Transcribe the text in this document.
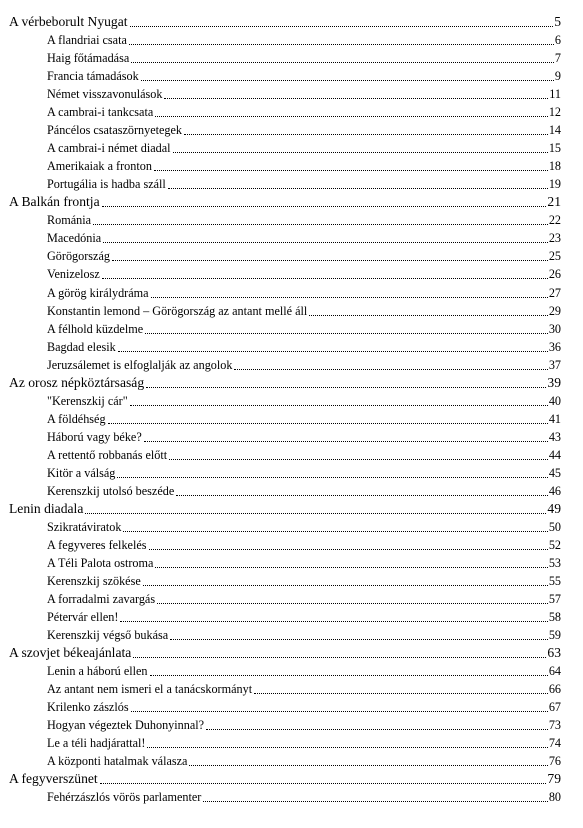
A vérbeborult Nyugat	5
A flandriai csata	6
Haig főtámadása	7
Francia támadások	9
Német visszavonulások	11
A cambrai-i tankcsata	12
Páncélos csataszörnyetegek	14
A cambrai-i német diadal	15
Amerikaiak a fronton	18
Portugália is hadba száll	19
A Balkán frontja	21
Románia	22
Macedónia	23
Görögország	25
Venizelosz	26
A görög királydráma	27
Konstantin lemond – Görögország az antant mellé áll	29
A félhold küzdelme	30
Bagdad elesik	36
Jeruzsálemet is elfoglalják az angolok	37
Az orosz népköztársaság	39
"Kerenszkij cár"	40
A földéhség	41
Háború vagy béke?	43
A rettentő robbanás előtt	44
Kitör a válság	45
Kerenszkij utolsó beszéde	46
Lenin diadala	49
Szikratáviratok	50
A fegyveres felkelés	52
A Téli Palota ostroma	53
Kerenszkij szökése	55
A forradalmi zavargás	57
Pétervár ellen!	58
Kerenszkij végső bukása	59
A szovjet békeajánlata	63
Lenin a háború ellen	64
Az antant nem ismeri el a tanácskormányt	66
Krilenko zászlós	67
Hogyan végeztek Duhonyinnal?	73
Le a téli hadjárattal!	74
A központi hatalmak válasza	76
A fegyverszünet	79
Fehérzászlós vörös parlamenter	80
